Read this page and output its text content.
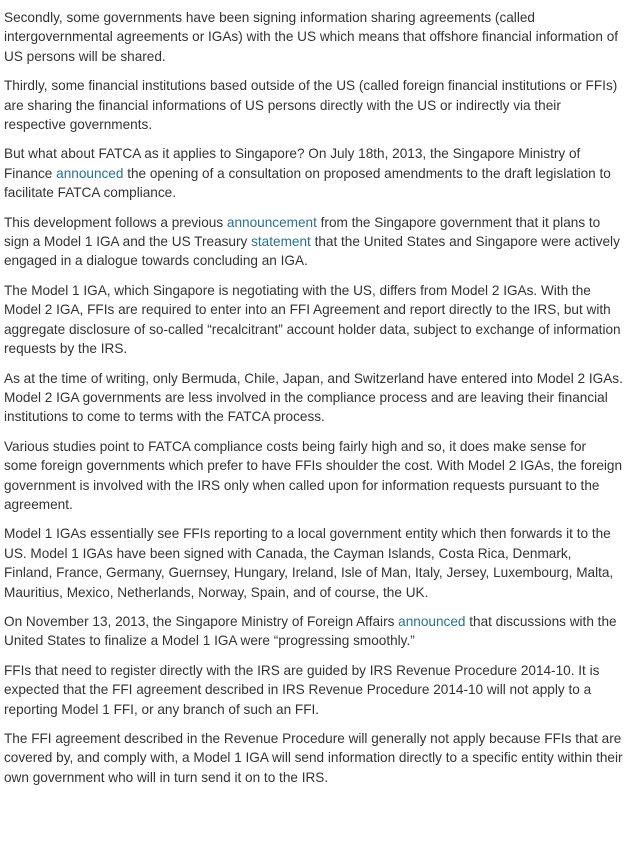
Secondly, some governments have been signing information sharing agreements (called intergovernmental agreements or IGAs) with the US which means that offshore financial information of US persons will be shared.

Thirdly, some financial institutions based outside of the US (called foreign financial institutions or FFIs) are sharing the financial informations of US persons directly with the US or indirectly via their respective governments.

But what about FATCA as it applies to Singapore? On July 18th, 2013, the Singapore Ministry of Finance announced the opening of a consultation on proposed amendments to the draft legislation to facilitate FATCA compliance.

This development follows a previous announcement from the Singapore government that it plans to sign a Model 1 IGA and the US Treasury statement that the United States and Singapore were actively engaged in a dialogue towards concluding an IGA.

The Model 1 IGA, which Singapore is negotiating with the US, differs from Model 2 IGAs. With the Model 2 IGA, FFIs are required to enter into an FFI Agreement and report directly to the IRS, but with aggregate disclosure of so-called “recalcitrant” account holder data, subject to exchange of information requests by the IRS.

As at the time of writing, only Bermuda, Chile, Japan, and Switzerland have entered into Model 2 IGAs. Model 2 IGA governments are less involved in the compliance process and are leaving their financial institutions to come to terms with the FATCA process.

Various studies point to FATCA compliance costs being fairly high and so, it does make sense for some foreign governments which prefer to have FFIs shoulder the cost. With Model 2 IGAs, the foreign government is involved with the IRS only when called upon for information requests pursuant to the agreement.

Model 1 IGAs essentially see FFIs reporting to a local government entity which then forwards it to the US. Model 1 IGAs have been signed with Canada, the Cayman Islands, Costa Rica, Denmark, Finland, France, Germany, Guernsey, Hungary, Ireland, Isle of Man, Italy, Jersey, Luxembourg, Malta, Mauritius, Mexico, Netherlands, Norway, Spain, and of course, the UK.

On November 13, 2013, the Singapore Ministry of Foreign Affairs announced that discussions with the United States to finalize a Model 1 IGA were “progressing smoothly.”

FFIs that need to register directly with the IRS are guided by IRS Revenue Procedure 2014-10. It is expected that the FFI agreement described in IRS Revenue Procedure 2014-10 will not apply to a reporting Model 1 FFI, or any branch of such an FFI.

The FFI agreement described in the Revenue Procedure will generally not apply because FFIs that are covered by, and comply with, a Model 1 IGA will send information directly to a specific entity within their own government who will in turn send it on to the IRS.
